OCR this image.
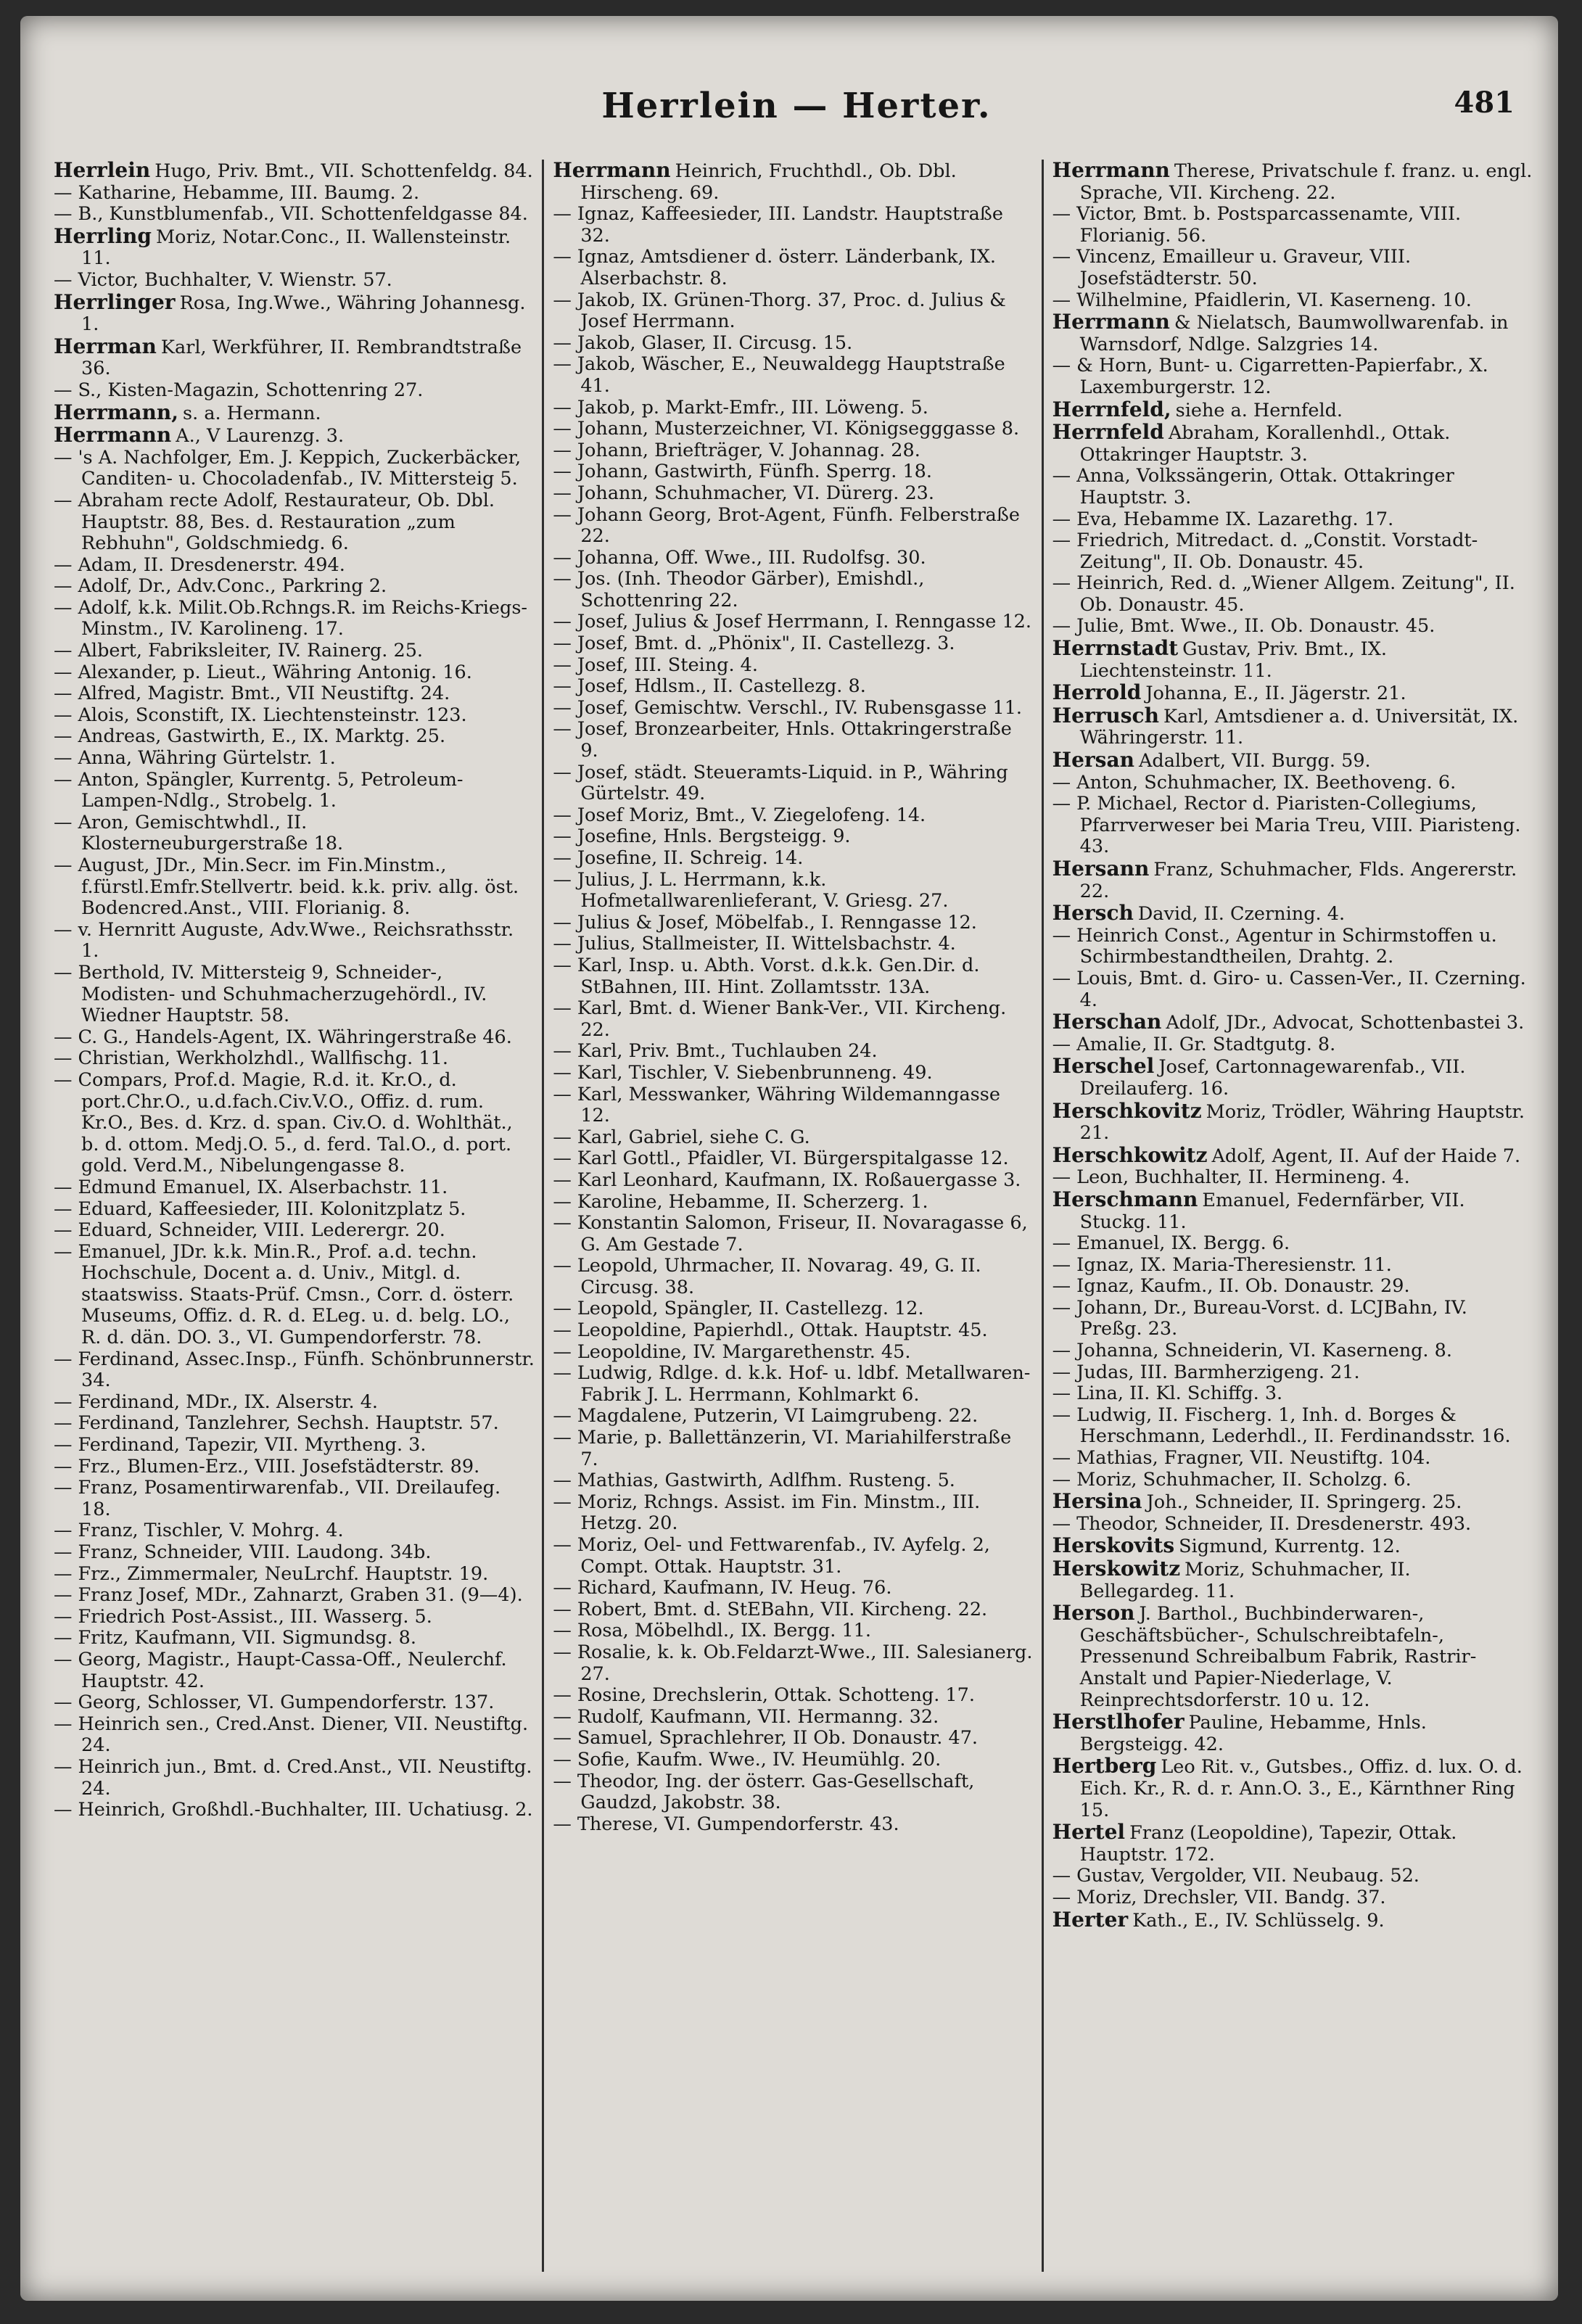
Herrlein — Herter.	481
Herrlein Hugo, Priv. Bmt., VII. Schottenfeldg. 84.
— Katharine, Hebamme, III. Baumg. 2.
— B., Kunstblumenfab., VII. Schottenfeldgasse 84.
Herrling Moriz, Notar.Conc., II. Wallensteinstr. 11.
— Victor, Buchhalter, V. Wienstr. 57.
Herrlinger Rosa, Ing.Wwe., Währing Johannesg. 1.
Herrman Karl, Werkführer, II. Rembrandtstraße 36.
— S., Kisten-Magazin, Schottenring 27.
Herrmann, s. a. Hermann.
Herrmann A., V Laurenzg. 3.
— 's A. Nachfolger, Em. J. Keppich, Zuckerbäcker, Canditen- u. Chocoladenfab., IV. Mittersteig 5.
— Abraham recte Adolf, Restaurateur, Ob. Dbl. Hauptstr. 88, Bes. d. Restauration „zum Rebhuhn", Goldschmiedg. 6.
— Adam, II. Dresdenerstr. 494.
— Adolf, Dr., Adv.Conc., Parkring 2.
— Adolf, k.k. Milit.Ob.Rchngs.R. im Reichs-Kriegs-Minstm., IV. Karolineng. 17.
— Albert, Fabriksleiter, IV. Rainerg. 25.
— Alexander, p. Lieut., Währing Antonig. 16.
— Alfred, Magistr. Bmt., VII Neustiftg. 24.
— Alois, Sconstift, IX. Liechtensteinstr. 123.
— Andreas, Gastwirth, E., IX. Marktg. 25.
— Anna, Währing Gürtelstr. 1.
— Anton, Spängler, Kurrentg. 5, Petroleum-Lampen-Ndlg., Strobelg. 1.
— Aron, Gemischtwhdl., II. Klosterneuburgerstraße 18.
— August, JDr., Min.Secr. im Fin.Minstm., f.fürstl.Emfr.Stellvertr. beid. k.k. priv. allg. öst. Bodencred.Anst., VIII. Florianig. 8.
— v. Hernritt Auguste, Adv.Wwe., Reichsrathsstr. 1.
— Berthold, IV. Mittersteig 9, Schneider-, Modisten- und Schuhmacherzugehördl., IV. Wiedner Hauptstr. 58.
— C. G., Handels-Agent, IX. Währingerstraße 46.
— Christian, Werkholzhdl., Wallfischg. 11.
— Compars, Prof.d. Magie, R.d. it. Kr.O., d. port.Chr.O., u.d.fach.Civ.V.O., Offiz. d. rum. Kr.O., Bes. d. Krz. d. span. Civ.O. d. Wohlthät., b. d. ottom. Medj.O. 5., d. ferd. Tal.O., d. port. gold. Verd.M., Nibelungengasse 8.
— Edmund Emanuel, IX. Alserbachstr. 11.
— Eduard, Kaffeesieder, III. Kolonitzplatz 5.
— Eduard, Schneider, VIII. Lederergr. 20.
— Emanuel, JDr. k.k. Min.R., Prof. a.d. techn. Hochschule, Docent a. d. Univ., Mitgl. d. staatswiss. Staats-Prüf. Cmsn., Corr. d. österr. Museums, Offiz. d. R. d. ELeg. u. d. belg. LO., R. d. dän. DO. 3., VI. Gumpendorferstr. 78.
— Ferdinand, Assec.Insp., Fünfh. Schönbrunnerstr. 34.
— Ferdinand, MDr., IX. Alserstr. 4.
— Ferdinand, Tanzlehrer, Sechsh. Hauptstr. 57.
— Ferdinand, Tapezir, VII. Myrtheng. 3.
— Frz., Blumen-Erz., VIII. Josefstädterstr. 89.
— Franz, Posamentirwarenfab., VII. Dreilaufeg. 18.
— Franz, Tischler, V. Mohrg. 4.
— Franz, Schneider, VIII. Laudong. 34b.
— Frz., Zimmermaler, NeuLrchf. Hauptstr. 19.
— Franz Josef, MDr., Zahnarzt, Graben 31. (9—4).
— Friedrich Post-Assist., III. Wasserg. 5.
— Fritz, Kaufmann, VII. Sigmundsg. 8.
— Georg, Magistr., Haupt-Cassa-Off., Neulerchf. Hauptstr. 42.
— Georg, Schlosser, VI. Gumpendorferstr. 137.
— Heinrich sen., Cred.Anst. Diener, VII. Neustiftg. 24.
— Heinrich jun., Bmt. d. Cred.Anst., VII. Neustiftg. 24.
— Heinrich, Großhdl.-Buchhalter, III. Uchatiusg. 2.
Herrmann Heinrich, Fruchthdl., Ob. Dbl. Hirscheng. 69.
— Ignaz, Kaffeesieder, III. Landstr. Hauptstraße 32.
— Ignaz, Amtsdiener d. österr. Länderbank, IX. Alserbachstr. 8.
— Jakob, IX. Grünen-Thorg. 37, Proc. d. Julius & Josef Herrmann.
— Jakob, Glaser, II. Circusg. 15.
— Jakob, Wäscher, E., Neuwaldegg Hauptstraße 41.
— Jakob, p. Markt-Emfr., III. Löweng. 5.
— Johann, Musterzeichner, VI. Königsegggasse 8.
— Johann, Briefträger, V. Johannag. 28.
— Johann, Gastwirth, Fünfh. Sperrg. 18.
— Johann, Schuhmacher, VI. Dürerg. 23.
— Johann Georg, Brot-Agent, Fünfh. Felberstraße 22.
— Johanna, Off. Wwe., III. Rudolfsg. 30.
— Jos. (Inh. Theodor Gärber), Emishdl., Schottenring 22.
— Josef, Julius & Josef Herrmann, I. Renngasse 12.
— Josef, Bmt. d. „Phönix", II. Castellezg. 3.
— Josef, III. Steing. 4.
— Josef, Hdlsm., II. Castellezg. 8.
— Josef, Gemischtw. Verschl., IV. Rubensgasse 11.
— Josef, Bronzearbeiter, Hnls. Ottakringerstraße 9.
— Josef, städt. Steueramts-Liquid. in P., Währing Gürtelstr. 49.
— Josef Moriz, Bmt., V. Ziegelofeng. 14.
— Josefine, Hnls. Bergsteigg. 9.
— Josefine, II. Schreig. 14.
— Julius, J. L. Herrmann, k.k. Hofmetallwarenlieferant, V. Griesg. 27.
— Julius & Josef, Möbelfab., I. Renngasse 12.
— Julius, Stallmeister, II. Wittelsbachstr. 4.
— Karl, Insp. u. Abth. Vorst. d.k.k. Gen.Dir. d. StBahnen, III. Hint. Zollamtsstr. 13A.
— Karl, Bmt. d. Wiener Bank-Ver., VII. Kircheng. 22.
— Karl, Priv. Bmt., Tuchlauben 24.
— Karl, Tischler, V. Siebenbrunneng. 49.
— Karl, Messwanker, Währing Wildemanngasse 12.
— Karl, Gabriel, siehe C. G.
— Karl Gottl., Pfaidler, VI. Bürgerspitalgasse 12.
— Karl Leonhard, Kaufmann, IX. Roßauergasse 3.
— Karoline, Hebamme, II. Scherzerg. 1.
— Konstantin Salomon, Friseur, II. Novaragasse 6, G. Am Gestade 7.
— Leopold, Uhrmacher, II. Novarag. 49, G. II. Circusg. 38.
— Leopold, Spängler, II. Castellezg. 12.
— Leopoldine, Papierhdl., Ottak. Hauptstr. 45.
— Leopoldine, IV. Margarethenstr. 45.
— Ludwig, Rdlge. d. k.k. Hof- u. ldbf. Metallwaren-Fabrik J. L. Herrmann, Kohlmarkt 6.
— Magdalene, Putzerin, VI Laimgrubeng. 22.
— Marie, p. Ballettänzerin, VI. Mariahilferstraße 7.
— Mathias, Gastwirth, Adlfhm. Rusteng. 5.
— Moriz, Rchngs. Assist. im Fin. Minstm., III. Hetzg. 20.
— Moriz, Oel- und Fettwarenfab., IV. Ayfelg. 2, Compt. Ottak. Hauptstr. 31.
— Richard, Kaufmann, IV. Heug. 76.
— Robert, Bmt. d. StEBahn, VII. Kircheng. 22.
— Rosa, Möbelhdl., IX. Bergg. 11.
— Rosalie, k. k. Ob.Feldarzt-Wwe., III. Salesianerg. 27.
— Rosine, Drechslerin, Ottak. Schotteng. 17.
— Rudolf, Kaufmann, VII. Hermanng. 32.
— Samuel, Sprachlehrer, II Ob. Donaustr. 47.
— Sofie, Kaufm. Wwe., IV. Heumühlg. 20.
— Theodor, Ing. der österr. Gas-Gesellschaft, Gaudzd, Jakobstr. 38.
— Therese, VI. Gumpendorferstr. 43.
Herrmann Therese, Privatschule f. franz. u. engl. Sprache, VII. Kircheng. 22.
— Victor, Bmt. b. Postsparcassenamte, VIII. Florianig. 56.
— Vincenz, Emailleur u. Graveur, VIII. Josefstädterstr. 50.
— Wilhelmine, Pfaidlerin, VI. Kaserneng. 10.
Herrmann & Nielatsch, Baumwollwarenfab. in Warnsdorf, Ndlge. Salzgries 14.
— & Horn, Bunt- u. Cigarretten-Papierfabr., X. Laxemburgerstr. 12.
Herrnfeld, siehe a. Hernfeld.
Herrnfeld Abraham, Korallenhdl., Ottak. Ottakringer Hauptstr. 3.
— Anna, Volkssängerin, Ottak. Ottakringer Hauptstr. 3.
— Eva, Hebamme IX. Lazarethg. 17.
— Friedrich, Mitredact. d. „Constit. Vorstadt-Zeitung", II. Ob. Donaustr. 45.
— Heinrich, Red. d. „Wiener Allgem. Zeitung", II. Ob. Donaustr. 45.
— Julie, Bmt. Wwe., II. Ob. Donaustr. 45.
Herrnstadt Gustav, Priv. Bmt., IX. Liechtensteinstr. 11.
Herrold Johanna, E., II. Jägerstr. 21.
Herrusch Karl, Amtsdiener a. d. Universität, IX. Währingerstr. 11.
Hersan Adalbert, VII. Burgg. 59.
— Anton, Schuhmacher, IX. Beethoveng. 6.
— P. Michael, Rector d. Piaristen-Collegiums, Pfarrverweser bei Maria Treu, VIII. Piaristeng. 43.
Hersann Franz, Schuhmacher, Flds. Angererstr. 22.
Hersch David, II. Czerning. 4.
— Heinrich Const., Agentur in Schirmstoffen u. Schirmbestandtheilen, Drahtg. 2.
— Louis, Bmt. d. Giro- u. Cassen-Ver., II. Czerning. 4.
Herschan Adolf, JDr., Advocat, Schottenbastei 3.
— Amalie, II. Gr. Stadtgutg. 8.
Herschel Josef, Cartonnagewarenfab., VII. Dreilauferg. 16.
Herschkovitz Moriz, Trödler, Währing Hauptstr. 21.
Herschkowitz Adolf, Agent, II. Auf der Haide 7.
— Leon, Buchhalter, II. Hermineng. 4.
Herschmann Emanuel, Federnfärber, VII. Stuckg. 11.
— Emanuel, IX. Bergg. 6.
— Ignaz, IX. Maria-Theresienstr. 11.
— Ignaz, Kaufm., II. Ob. Donaustr. 29.
— Johann, Dr., Bureau-Vorst. d. LCJBahn, IV. Preßg. 23.
— Johanna, Schneiderin, VI. Kaserneng. 8.
— Judas, III. Barmherzigeng. 21.
— Lina, II. Kl. Schiffg. 3.
— Ludwig, II. Fischerg. 1, Inh. d. Borges & Herschmann, Lederhdl., II. Ferdinandsstr. 16.
— Mathias, Fragner, VII. Neustiftg. 104.
— Moriz, Schuhmacher, II. Scholzg. 6.
Hersina Joh., Schneider, II. Springerg. 25.
— Theodor, Schneider, II. Dresdenerstr. 493.
Herskovits Sigmund, Kurrentg. 12.
Herskowitz Moriz, Schuhmacher, II. Bellegardeg. 11.
Herson J. Barthol., Buchbinderwaren-, Geschäftsbücher-, Schulschreibtafeln-, Pressenund Schreibalbum Fabrik, Rastrir-Anstalt und Papier-Niederlage, V. Reinprechtsdorferstr. 10 u. 12.
Herstlhofer Pauline, Hebamme, Hnls. Bergsteigg. 42.
Hertberg Leo Rit. v., Gutsbes., Offiz. d. lux. O. d. Eich. Kr., R. d. r. Ann.O. 3., E., Kärnthner Ring 15.
Hertel Franz (Leopoldine), Tapezir, Ottak. Hauptstr. 172.
— Gustav, Vergolder, VII. Neubaug. 52.
— Moriz, Drechsler, VII. Bandg. 37.
Herter Kath., E., IV. Schlüsselg. 9.
